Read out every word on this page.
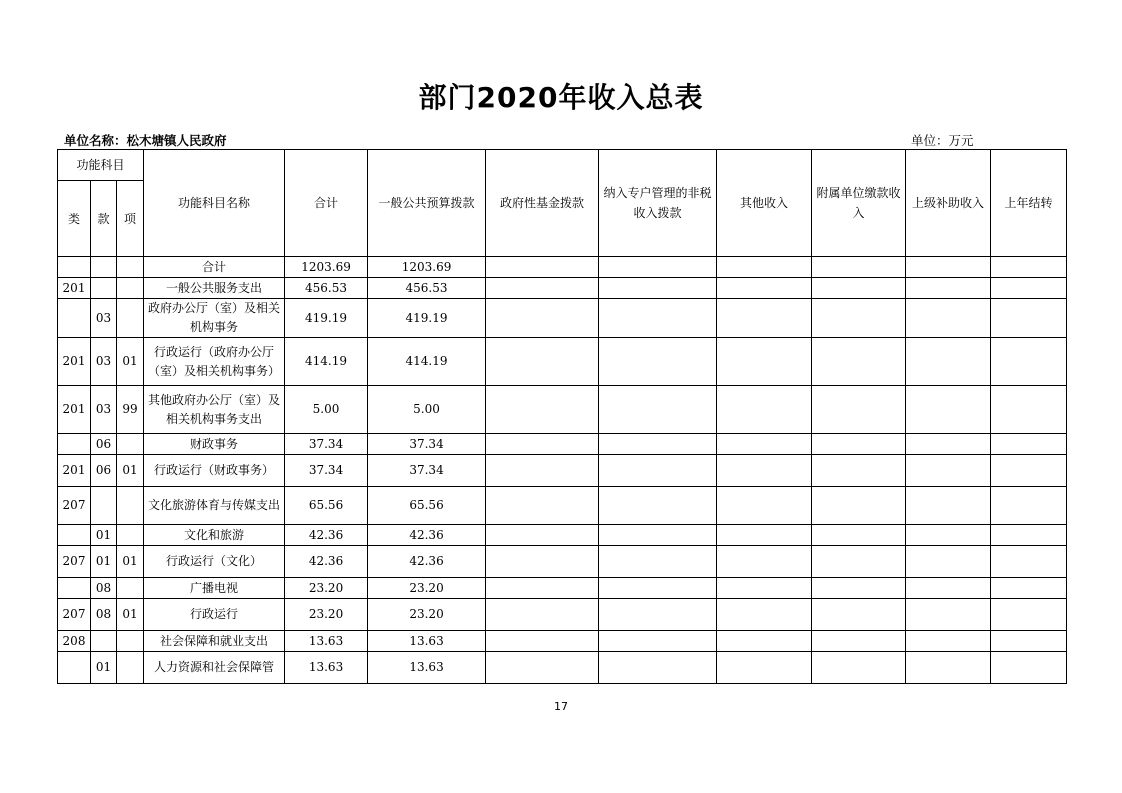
部门2020年收入总表
单位名称：松木塘镇人民政府	单位：万元
功能科目			功能科目名称	合计	一般公共预算拨款	政府性基金拨款	纳入专户管理的非税收入拨款	其他收入	附属单位缴款收入	上级补助收入	上年结转
类	款	项									
			合计	1203.69	1203.69						
201			一般公共服务支出	456.53	456.53						
	03		政府办公厅（室）及相关机构事务	419.19	419.19						
201	03	01	行政运行（政府办公厅（室）及相关机构事务）	414.19	414.19						
201	03	99	其他政府办公厅（室）及相关机构事务支出	5.00	5.00						
	06		财政事务	37.34	37.34						
201	06	01	行政运行（财政事务）	37.34	37.34						
207			文化旅游体育与传媒支出	65.56	65.56						
	01		文化和旅游	42.36	42.36						
207	01	01	行政运行（文化）	42.36	42.36						
	08		广播电视	23.20	23.20						
207	08	01	行政运行	23.20	23.20						
208			社会保障和就业支出	13.63	13.63						
	01		人力资源和社会保障管	13.63	13.63						
17
